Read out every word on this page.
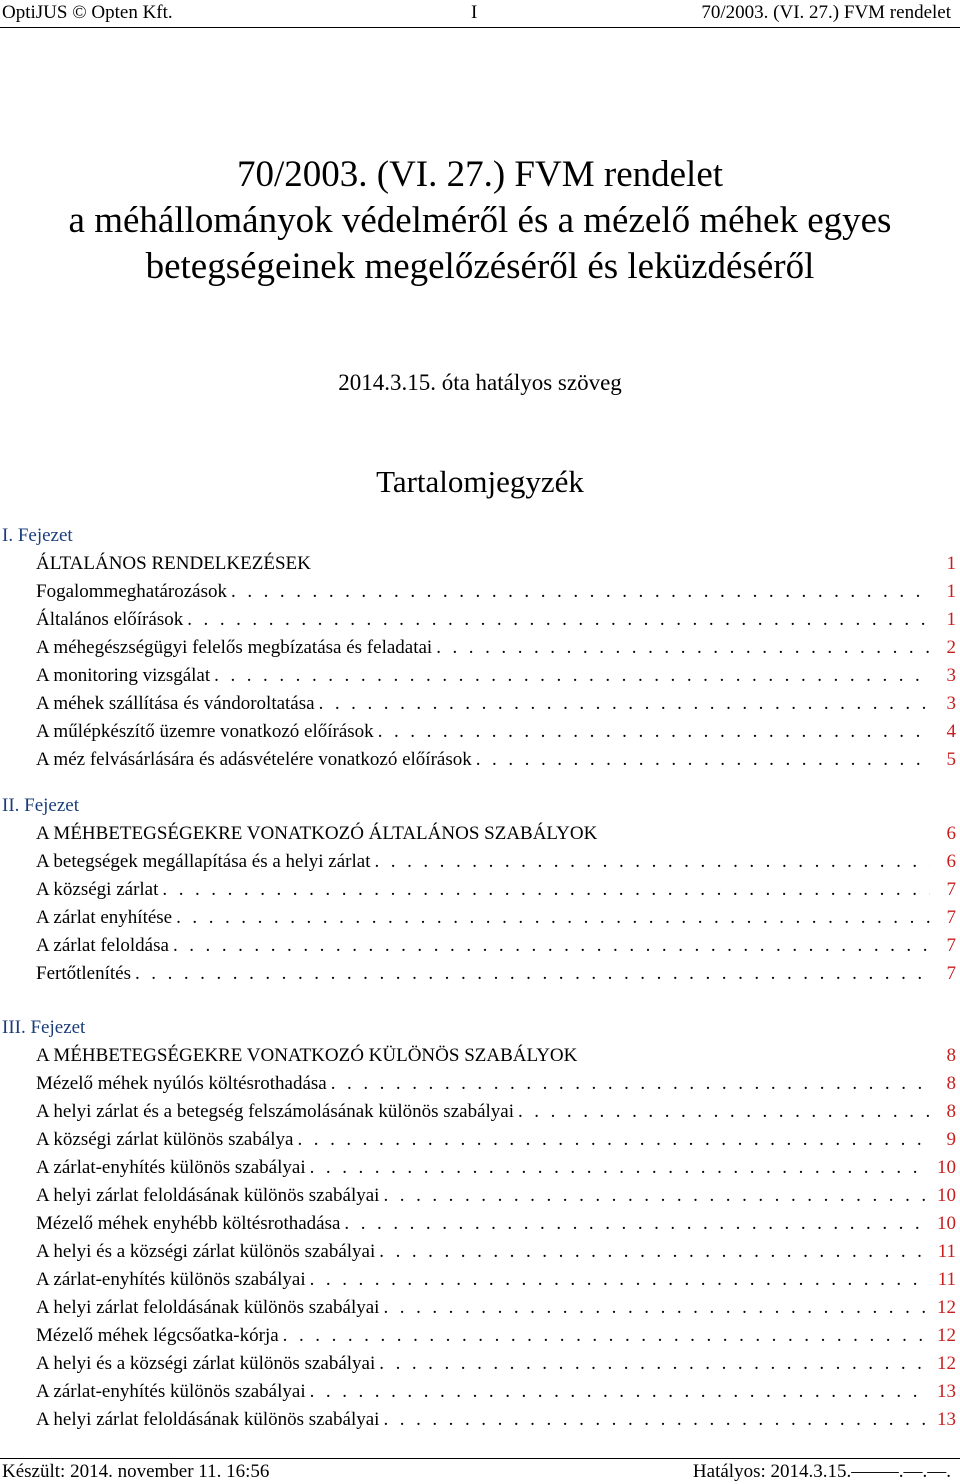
OptiJUS © Opten Kft.	I	70/2003. (VI. 27.) FVM rendelet
70/2003. (VI. 27.) FVM rendelet
a méhállományok védelméről és a mézelő méhek egyes
betegségeinek megelőzéséről és leküzdéséről
2014.3.15. óta hatályos szöveg
Tartalomjegyzék
I. Fejezet
ÁLTALÁNOS RENDELKEZÉSEK	1
Fogalommeghatározások . . .	1
Általános előírások . . .	1
A méhegészségügyi felelős megbízatása és feladatai . . .	2
A monitoring vizsgálat . . .	3
A méhek szállítása és vándoroltatása . . .	3
A műlépkészítő üzemre vonatkozó előírások . . .	4
A méz felvásárlására és adásvételére vonatkozó előírások . . .	5
II. Fejezet
A MÉHBETEGSÉGEKRE VONATKOZÓ ÁLTALÁNOS SZABÁLYOK	6
A betegségek megállapítása és a helyi zárlat . . .	6
A községi zárlat . . .	7
A zárlat enyhítése . . .	7
A zárlat feloldása . . .	7
Fertőtlenítés . . .	7
III. Fejezet
A MÉHBETEGSÉGEKRE VONATKOZÓ KÜLÖNÖS SZABÁLYOK	8
Mézelő méhek nyúlós költésrothadása . . .	8
A helyi zárlat és a betegség felszámolásának különös szabályai . . .	8
A községi zárlat különös szabálya . . .	9
A zárlat-enyhítés különös szabályai . . .	10
A helyi zárlat feloldásának különös szabályai . . .	10
Mézelő méhek enyhébb költésrothadása . . .	10
A helyi és a községi zárlat különös szabályai . . .	11
A zárlat-enyhítés különös szabályai . . .	11
A helyi zárlat feloldásának különös szabályai . . .	12
Mézelő méhek légcsőatka-kórja . . .	12
A helyi és a községi zárlat különös szabályai . . .	12
A zárlat-enyhítés különös szabályai . . .	13
A helyi zárlat feloldásának különös szabályai . . .	13
Készült: 2014. november 11. 16:56	Hatályos: 2014.3.15.–––––.––.––.
